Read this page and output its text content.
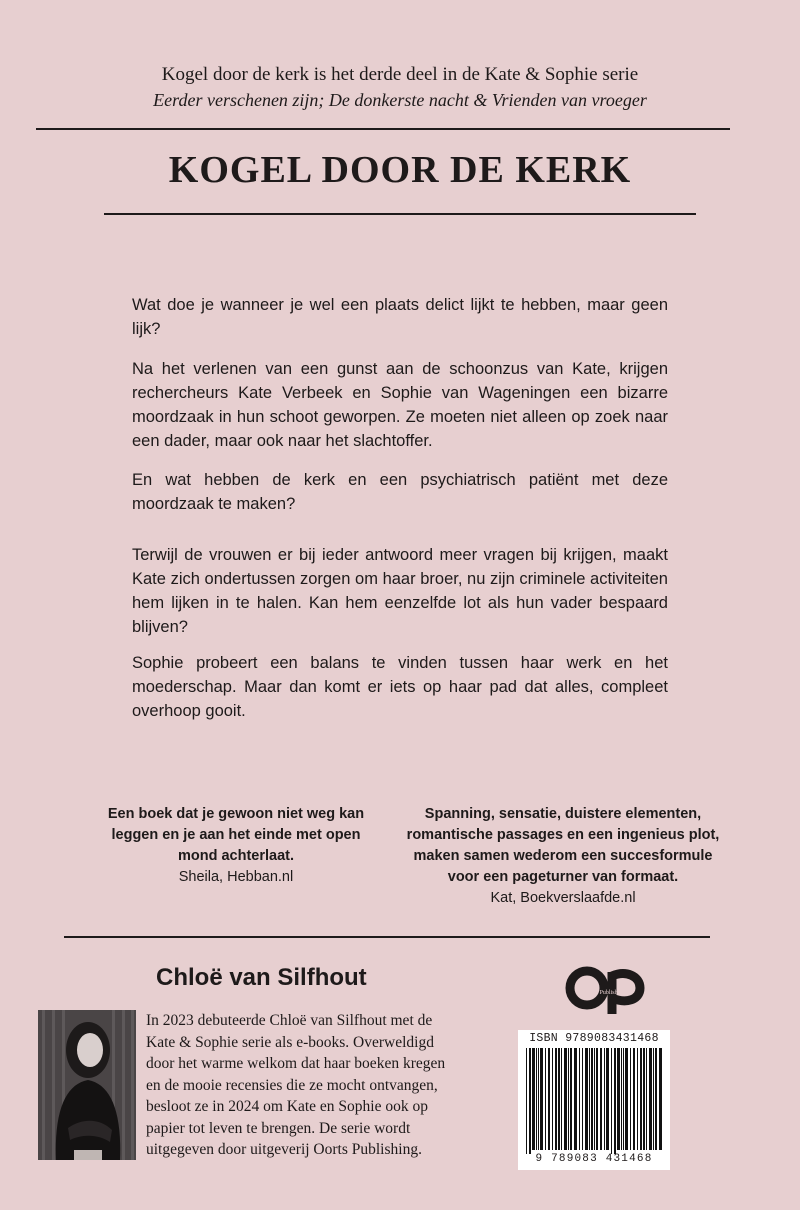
Kogel door de kerk is het derde deel in de Kate & Sophie serie
Eerder verschenen zijn; De donkerste nacht & Vrienden van vroeger
KOGEL DOOR DE KERK
Wat doe je wanneer je wel een plaats delict lijkt te hebben, maar geen lijk?
Na het verlenen van een gunst aan de schoonzus van Kate, krijgen rechercheurs Kate Verbeek en Sophie van Wageningen een bizarre moordzaak in hun schoot geworpen. Ze moeten niet alleen op zoek naar een dader, maar ook naar het slachtoffer.
En wat hebben de kerk en een psychiatrisch patiënt met deze moordzaak te maken?
Terwijl de vrouwen er bij ieder antwoord meer vragen bij krijgen, maakt Kate zich ondertussen zorgen om haar broer, nu zijn criminele activiteiten hem lijken in te halen. Kan hem eenzelfde lot als hun vader bespaard blijven?
Sophie probeert een balans te vinden tussen haar werk en het moederschap. Maar dan komt er iets op haar pad dat alles, compleet overhoop gooit.
Een boek dat je gewoon niet weg kan leggen en je aan het einde met open mond achterlaat.
Sheila, Hebban.nl
Spanning, sensatie, duistere elementen, romantische passages en een ingenieus plot, maken samen wederom een succesformule voor een pageturner van formaat.
Kat, Boekverslaafde.nl
Chloë van Silfhout
In 2023 debuteerde Chloë van Silfhout met de Kate & Sophie serie als e-books. Overweldigd door het warme welkom dat haar boeken kregen en de mooie recensies die ze mocht ontvangen, besloot ze in 2024 om Kate en Sophie ook op papier tot leven te brengen. De serie wordt uitgegeven door uitgeverij Oorts Publishing.
Oorts Publishing
ISBN 9789083431468
9 789083 431468
